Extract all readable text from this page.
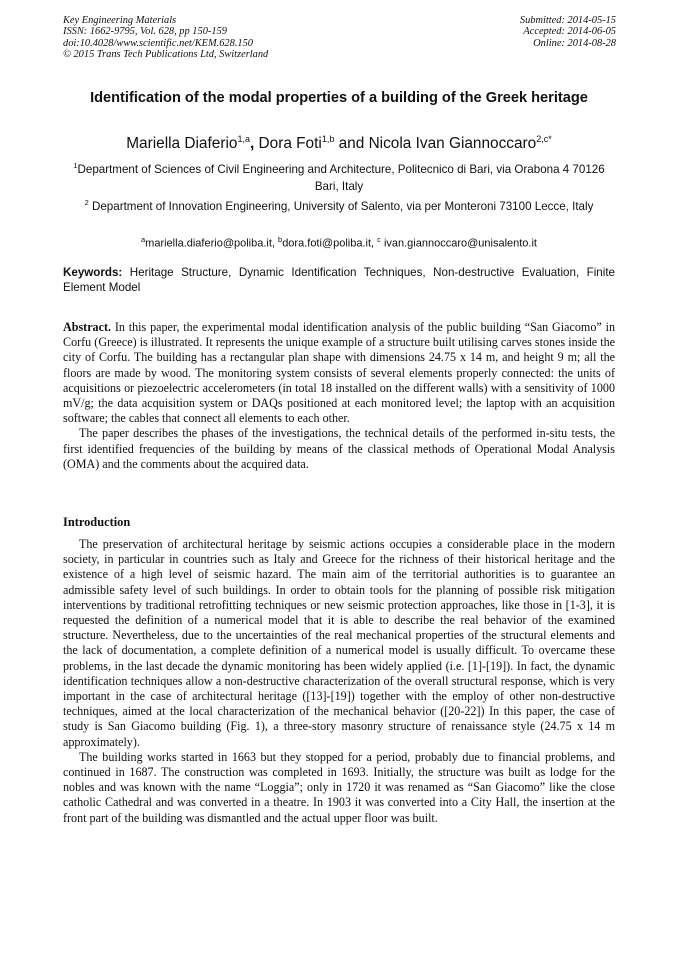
Key Engineering Materials
ISSN: 1662-9795, Vol. 628, pp 150-159
doi:10.4028/www.scientific.net/KEM.628.150
© 2015 Trans Tech Publications Ltd, Switzerland
Submitted: 2014-05-15
Accepted: 2014-06-05
Online: 2014-08-28
Identification of the modal properties of a building of the Greek heritage
Mariella Diaferio$^{1,a}$, Dora Foti$^{1,b}$ and Nicola Ivan Giannoccaro$^{2,c*}$
$^1$Department of Sciences of Civil Engineering and Architecture, Politecnico di Bari, via Orabona 4 70126 Bari, Italy
$^2$ Department of Innovation Engineering, University of Salento, via per Monteroni 73100 Lecce, Italy
$^a$mariella.diaferio@poliba.it, $^b$dora.foti@poliba.it, $^c$ ivan.giannoccaro@unisalento.it
Keywords: Heritage Structure, Dynamic Identification Techniques, Non-destructive Evaluation, Finite Element Model

Abstract. In this paper, the experimental modal identification analysis of the public building “San Giacomo” in Corfu (Greece) is illustrated. It represents the unique example of a structure built utilising carves stones inside the city of Corfu. The building has a rectangular plan shape with dimensions 24.75 x 14 m, and height 9 m; all the floors are made by wood. The monitoring system consists of several elements properly connected: the units of acquisitions or piezoelectric accelerometers (in total 18 installed on the different walls) with a sensitivity of 1000 mV/g; the data acquisition system or DAQs positioned at each monitored level; the laptop with an acquisition software; the cables that connect all elements to each other.

The paper describes the phases of the investigations, the technical details of the performed in-situ tests, the first identified frequencies of the building by means of the classical methods of Operational Modal Analysis (OMA) and the comments about the acquired data.

Introduction

The preservation of architectural heritage by seismic actions occupies a considerable place in the modern society, in particular in countries such as Italy and Greece for the richness of their historical heritage and the existence of a high level of seismic hazard. The main aim of the territorial authorities is to guarantee an admissible safety level of such buildings. In order to obtain tools for the planning of possible risk mitigation interventions by traditional retrofitting techniques or new seismic protection approaches, like those in [1-3], it is requested the definition of a numerical model that it is able to describe the real behavior of the examined structure. Nevertheless, due to the uncertainties of the real mechanical properties of the structural elements and the lack of documentation, a complete definition of a numerical model is usually difficult. To overcame these problems, in the last decade the dynamic monitoring has been widely applied (i.e. [1]-[19]). In fact, the dynamic identification techniques allow a non-destructive characterization of the overall structural response, which is very important in the case of architectural heritage ([13]-[19]) together with the employ of other non-destructive techniques, aimed at the local characterization of the mechanical behavior ([20-22]) In this paper, the case of study is San Giacomo building (Fig. 1), a three-story masonry structure of renaissance style (24.75 x 14 m approximately).

The building works started in 1663 but they stopped for a period, probably due to financial problems, and continued in 1687. The construction was completed in 1693. Initially, the structure was built as lodge for the nobles and was known with the name “Loggia”; only in 1720 it was renamed as “San Giacomo” like the close catholic Cathedral and was converted in a theatre. In 1903 it was converted into a City Hall, the insertion at the front part of the building was dismantled and the actual upper floor was built.
